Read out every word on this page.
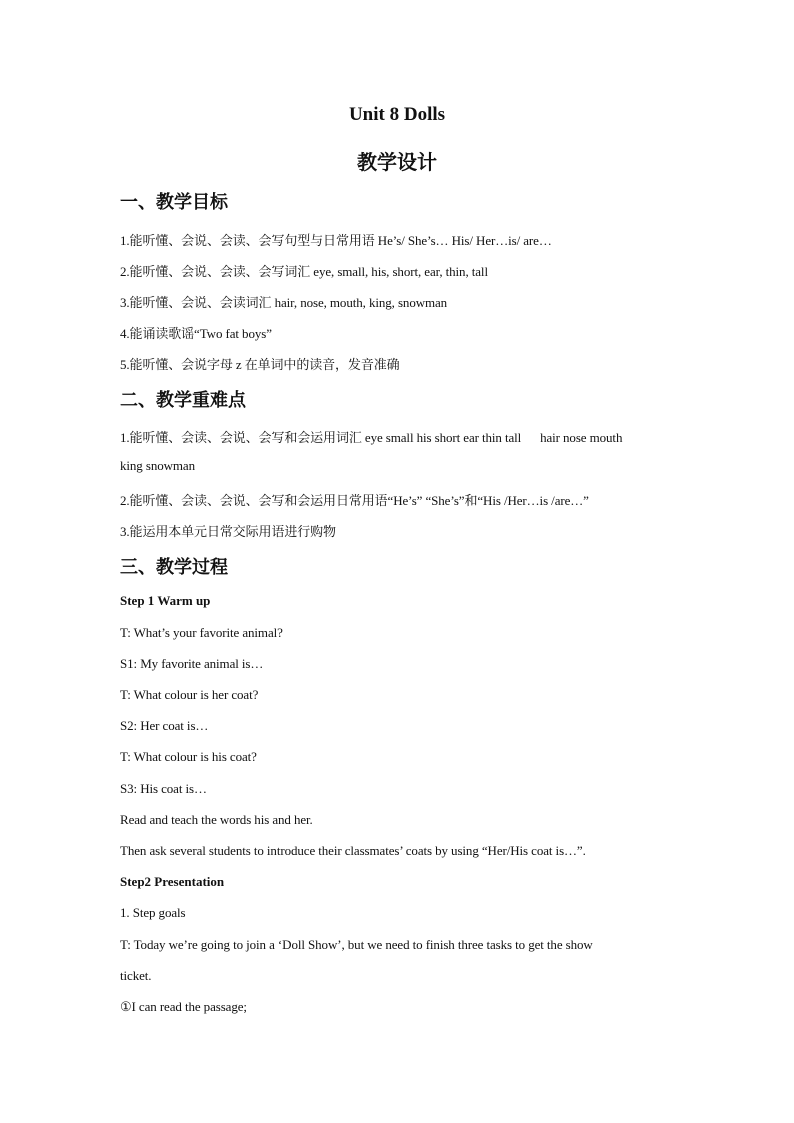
Unit 8 Dolls
教学设计
一、教学目标
1.能听懂、会说、会读、会写句型与日常用语 He’s/ She’s… His/ Her…is/ are…
2.能听懂、会说、会读、会写词汇 eye, small, his, short, ear, thin, tall
3.能听懂、会说、会读词汇 hair, nose, mouth, king, snowman
4.能诵读歌谣“Two fat boys”
5.能听懂、会说字母 z 在单词中的读音，发音准确
二、教学重难点
1.能听懂、会读、会说、会写和会运用词汇 eye small his short ear thin tall      hair nose mouth
king snowman
2.能听懂、会读、会说、会写和会运用日常用语“He’s” “She’s”和“His /Her…is /are…”
3.能运用本单元日常交际用语进行购物
三、教学过程
Step 1 Warm up
T: What’s your favorite animal?
S1: My favorite animal is…
T: What colour is her coat?
S2: Her coat is…
T: What colour is his coat?
S3: His coat is…
Read and teach the words his and her.
Then ask several students to introduce their classmates’ coats by using “Her/His coat is…”.
Step2 Presentation
1. Step goals
T: Today we’re going to join a ‘Doll Show’, but we need to finish three tasks to get the show
ticket.
①I can read the passage;
